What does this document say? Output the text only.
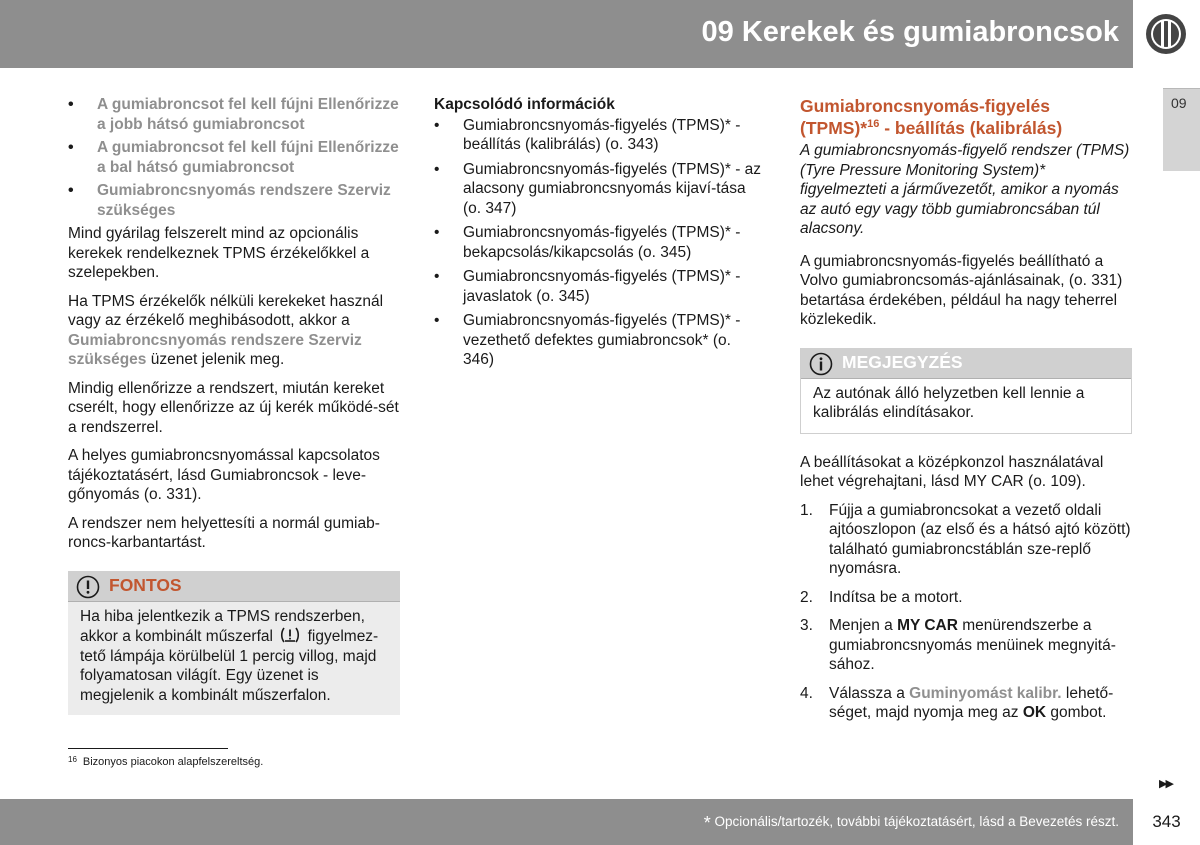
09 Kerekek és gumiabroncsok
09
• A gumiabroncsot fel kell fújni Ellenőrizze a jobb hátsó gumiabroncsot
• A gumiabroncsot fel kell fújni Ellenőrizze a bal hátsó gumiabroncsot
• Gumiabroncsnyomás rendszere Szerviz szükséges

Mind gyárilag felszerelt mind az opcionális kerekek rendelkeznek TPMS érzékelőkkel a szelepekben.

Ha TPMS érzékelők nélküli kerekeket használ vagy az érzékelő meghibásodott, akkor a Gumiabroncsnyomás rendszere Szerviz szükséges üzenet jelenik meg.

Mindig ellenőrizze a rendszert, miután kereket cserélt, hogy ellenőrizze az új kerék működé-sét a rendszerrel.

A helyes gumiabroncsnyomással kapcsolatos tájékoztatásért, lásd Gumiabroncsok - leve-gőnyomás (o. 331).

A rendszer nem helyettesíti a normál gumiab-roncs-karbantartást.

FONTOS
Ha hiba jelentkezik a TPMS rendszerben, akkor a kombinált műszerfal figyelmez-tető lámpája körülbelül 1 percig villog, majd folyamatosan világít. Egy üzenet is megjelenik a kombinált műszerfalon.
Kapcsolódó információk
• Gumiabroncsnyomás-figyelés (TPMS)* - beállítás (kalibrálás) (o. 343)
• Gumiabroncsnyomás-figyelés (TPMS)* - az alacsony gumiabroncsnyomás kijaví-tása (o. 347)
• Gumiabroncsnyomás-figyelés (TPMS)* - bekapcsolás/kikapcsolás (o. 345)
• Gumiabroncsnyomás-figyelés (TPMS)* - javaslatok (o. 345)
• Gumiabroncsnyomás-figyelés (TPMS)* - vezethető defektes gumiabroncsok* (o. 346)
Gumiabroncsnyomás-figyelés (TPMS)*$^{16}$ - beállítás (kalibrálás)

A gumiabroncsnyomás-figyelő rendszer (TPMS) (Tyre Pressure Monitoring System)* figyelmezteti a járművezetőt, amikor a nyomás az autó egy vagy több gumiabroncsában túl alacsony.

A gumiabroncsnyomás-figyelés beállítható a Volvo gumiabroncsomás-ajánlásainak, (o. 331) betartása érdekében, például ha nagy teherrel közlekedik.

MEGJEGYZÉS
Az autónak álló helyzetben kell lennie a kalibrálás elindításakor.

A beállításokat a középkonzol használatával lehet végrehajtani, lásd MY CAR (o. 109).

1. Fújja a gumiabroncsokat a vezető oldali ajtóoszlopon (az első és a hátsó ajtó között) található gumiabroncstáblán sze-replő nyomásra.
2. Indítsa be a motort.
3. Menjen a MY CAR menürendszerbe a gumiabroncsnyomás menüinek megnyitá-sához.
4. Válassza a Guminyomást kalibr. lehető-séget, majd nyomja meg az OK gombot.
$^{16}$ Bizonyos piacokon alapfelszereltség.
▶▶
* Opcionális/tartozék, további tájékoztatásért, lásd a Bevezetés részt.	343
